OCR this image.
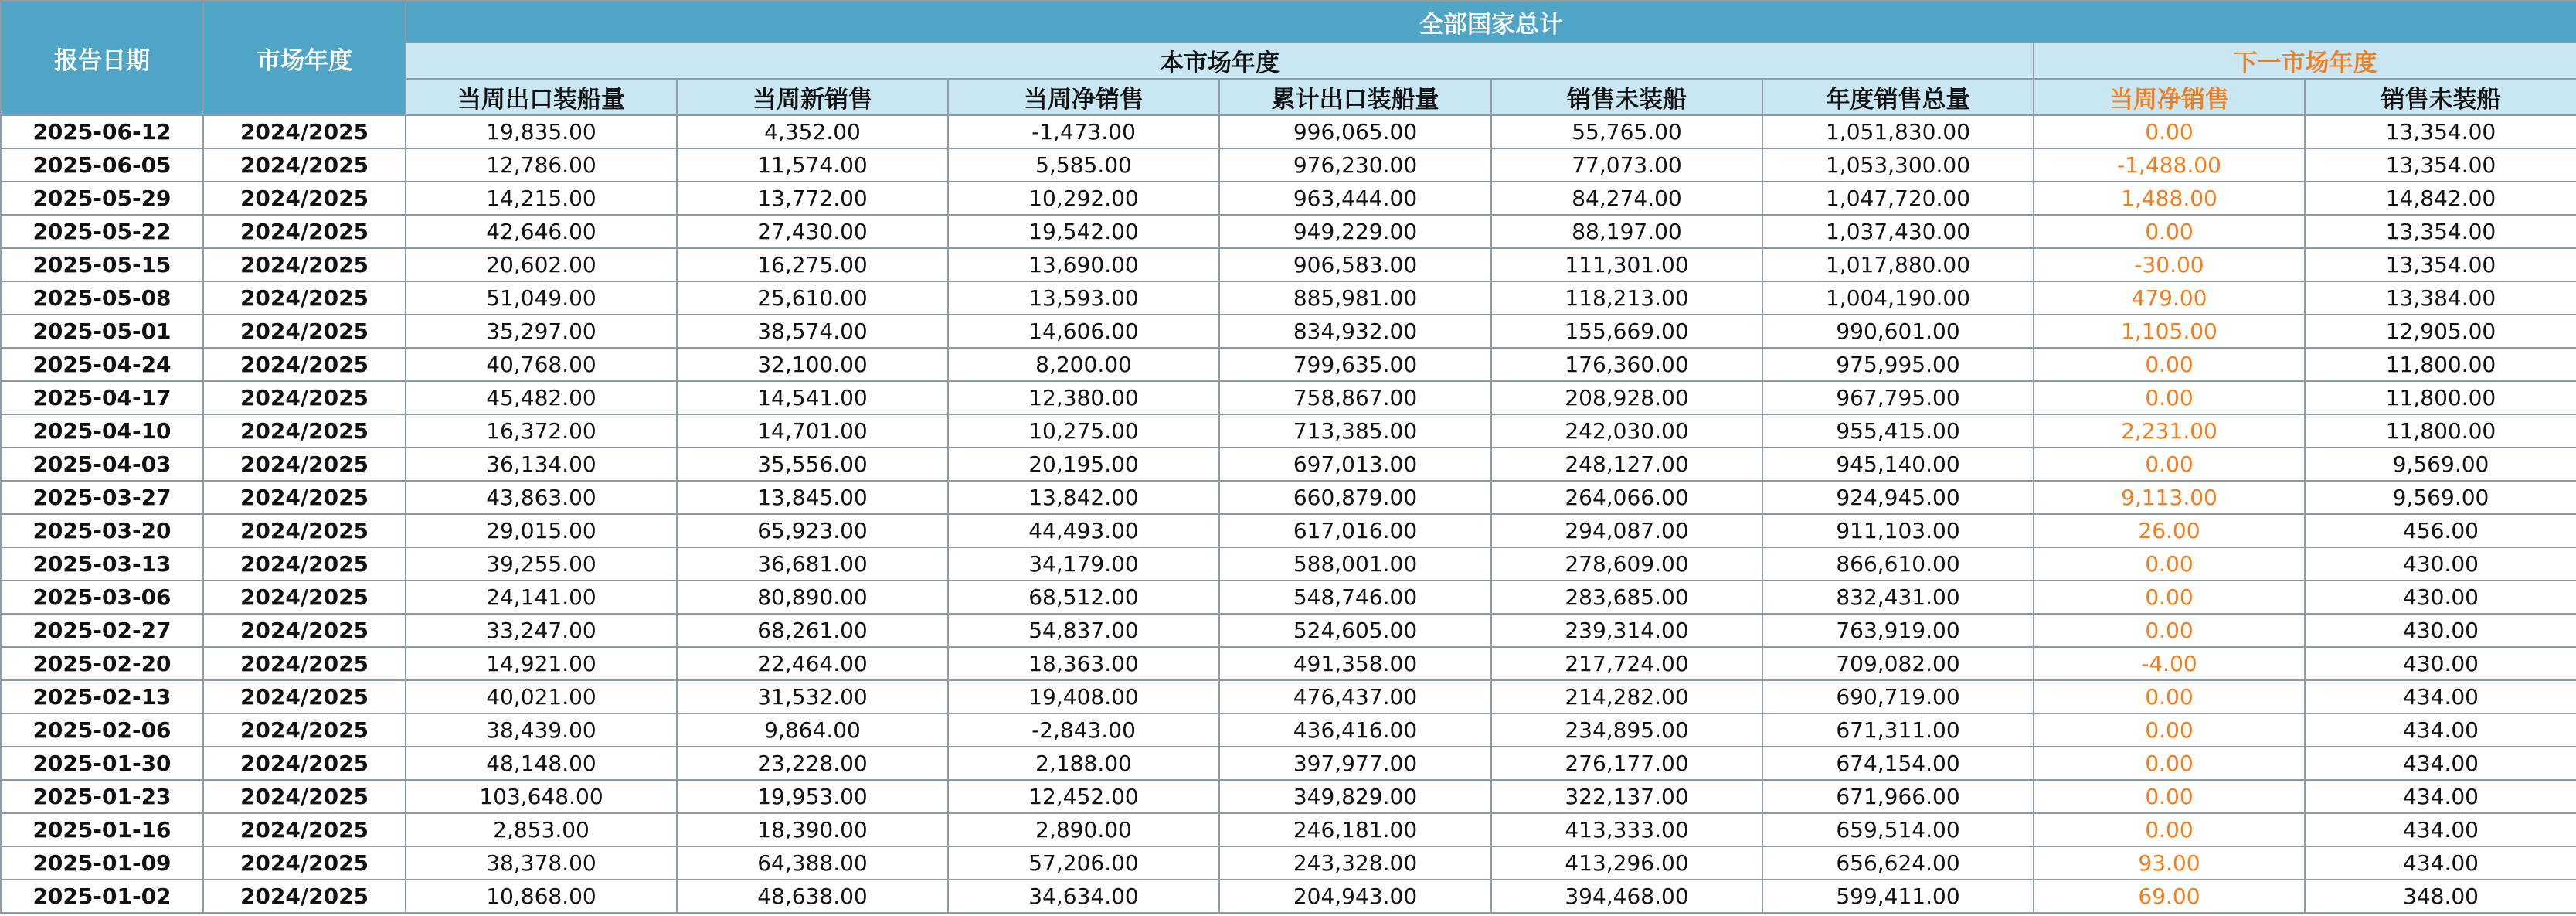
报告日期	市场年度	全部国家总计							
		本市场年度						下一市场年度	
		当周出口装船量	当周新销售	当周净销售	累计出口装船量	销售未装船	年度销售总量	当周净销售	销售未装船
2025-06-12	2024/2025	19,835.00	4,352.00	-1,473.00	996,065.00	55,765.00	1,051,830.00	0.00	13,354.00
2025-06-05	2024/2025	12,786.00	11,574.00	5,585.00	976,230.00	77,073.00	1,053,300.00	-1,488.00	13,354.00
2025-05-29	2024/2025	14,215.00	13,772.00	10,292.00	963,444.00	84,274.00	1,047,720.00	1,488.00	14,842.00
2025-05-22	2024/2025	42,646.00	27,430.00	19,542.00	949,229.00	88,197.00	1,037,430.00	0.00	13,354.00
2025-05-15	2024/2025	20,602.00	16,275.00	13,690.00	906,583.00	111,301.00	1,017,880.00	-30.00	13,354.00
2025-05-08	2024/2025	51,049.00	25,610.00	13,593.00	885,981.00	118,213.00	1,004,190.00	479.00	13,384.00
2025-05-01	2024/2025	35,297.00	38,574.00	14,606.00	834,932.00	155,669.00	990,601.00	1,105.00	12,905.00
2025-04-24	2024/2025	40,768.00	32,100.00	8,200.00	799,635.00	176,360.00	975,995.00	0.00	11,800.00
2025-04-17	2024/2025	45,482.00	14,541.00	12,380.00	758,867.00	208,928.00	967,795.00	0.00	11,800.00
2025-04-10	2024/2025	16,372.00	14,701.00	10,275.00	713,385.00	242,030.00	955,415.00	2,231.00	11,800.00
2025-04-03	2024/2025	36,134.00	35,556.00	20,195.00	697,013.00	248,127.00	945,140.00	0.00	9,569.00
2025-03-27	2024/2025	43,863.00	13,845.00	13,842.00	660,879.00	264,066.00	924,945.00	9,113.00	9,569.00
2025-03-20	2024/2025	29,015.00	65,923.00	44,493.00	617,016.00	294,087.00	911,103.00	26.00	456.00
2025-03-13	2024/2025	39,255.00	36,681.00	34,179.00	588,001.00	278,609.00	866,610.00	0.00	430.00
2025-03-06	2024/2025	24,141.00	80,890.00	68,512.00	548,746.00	283,685.00	832,431.00	0.00	430.00
2025-02-27	2024/2025	33,247.00	68,261.00	54,837.00	524,605.00	239,314.00	763,919.00	0.00	430.00
2025-02-20	2024/2025	14,921.00	22,464.00	18,363.00	491,358.00	217,724.00	709,082.00	-4.00	430.00
2025-02-13	2024/2025	40,021.00	31,532.00	19,408.00	476,437.00	214,282.00	690,719.00	0.00	434.00
2025-02-06	2024/2025	38,439.00	9,864.00	-2,843.00	436,416.00	234,895.00	671,311.00	0.00	434.00
2025-01-30	2024/2025	48,148.00	23,228.00	2,188.00	397,977.00	276,177.00	674,154.00	0.00	434.00
2025-01-23	2024/2025	103,648.00	19,953.00	12,452.00	349,829.00	322,137.00	671,966.00	0.00	434.00
2025-01-16	2024/2025	2,853.00	18,390.00	2,890.00	246,181.00	413,333.00	659,514.00	0.00	434.00
2025-01-09	2024/2025	38,378.00	64,388.00	57,206.00	243,328.00	413,296.00	656,624.00	93.00	434.00
2025-01-02	2024/2025	10,868.00	48,638.00	34,634.00	204,943.00	394,468.00	599,411.00	69.00	348.00
